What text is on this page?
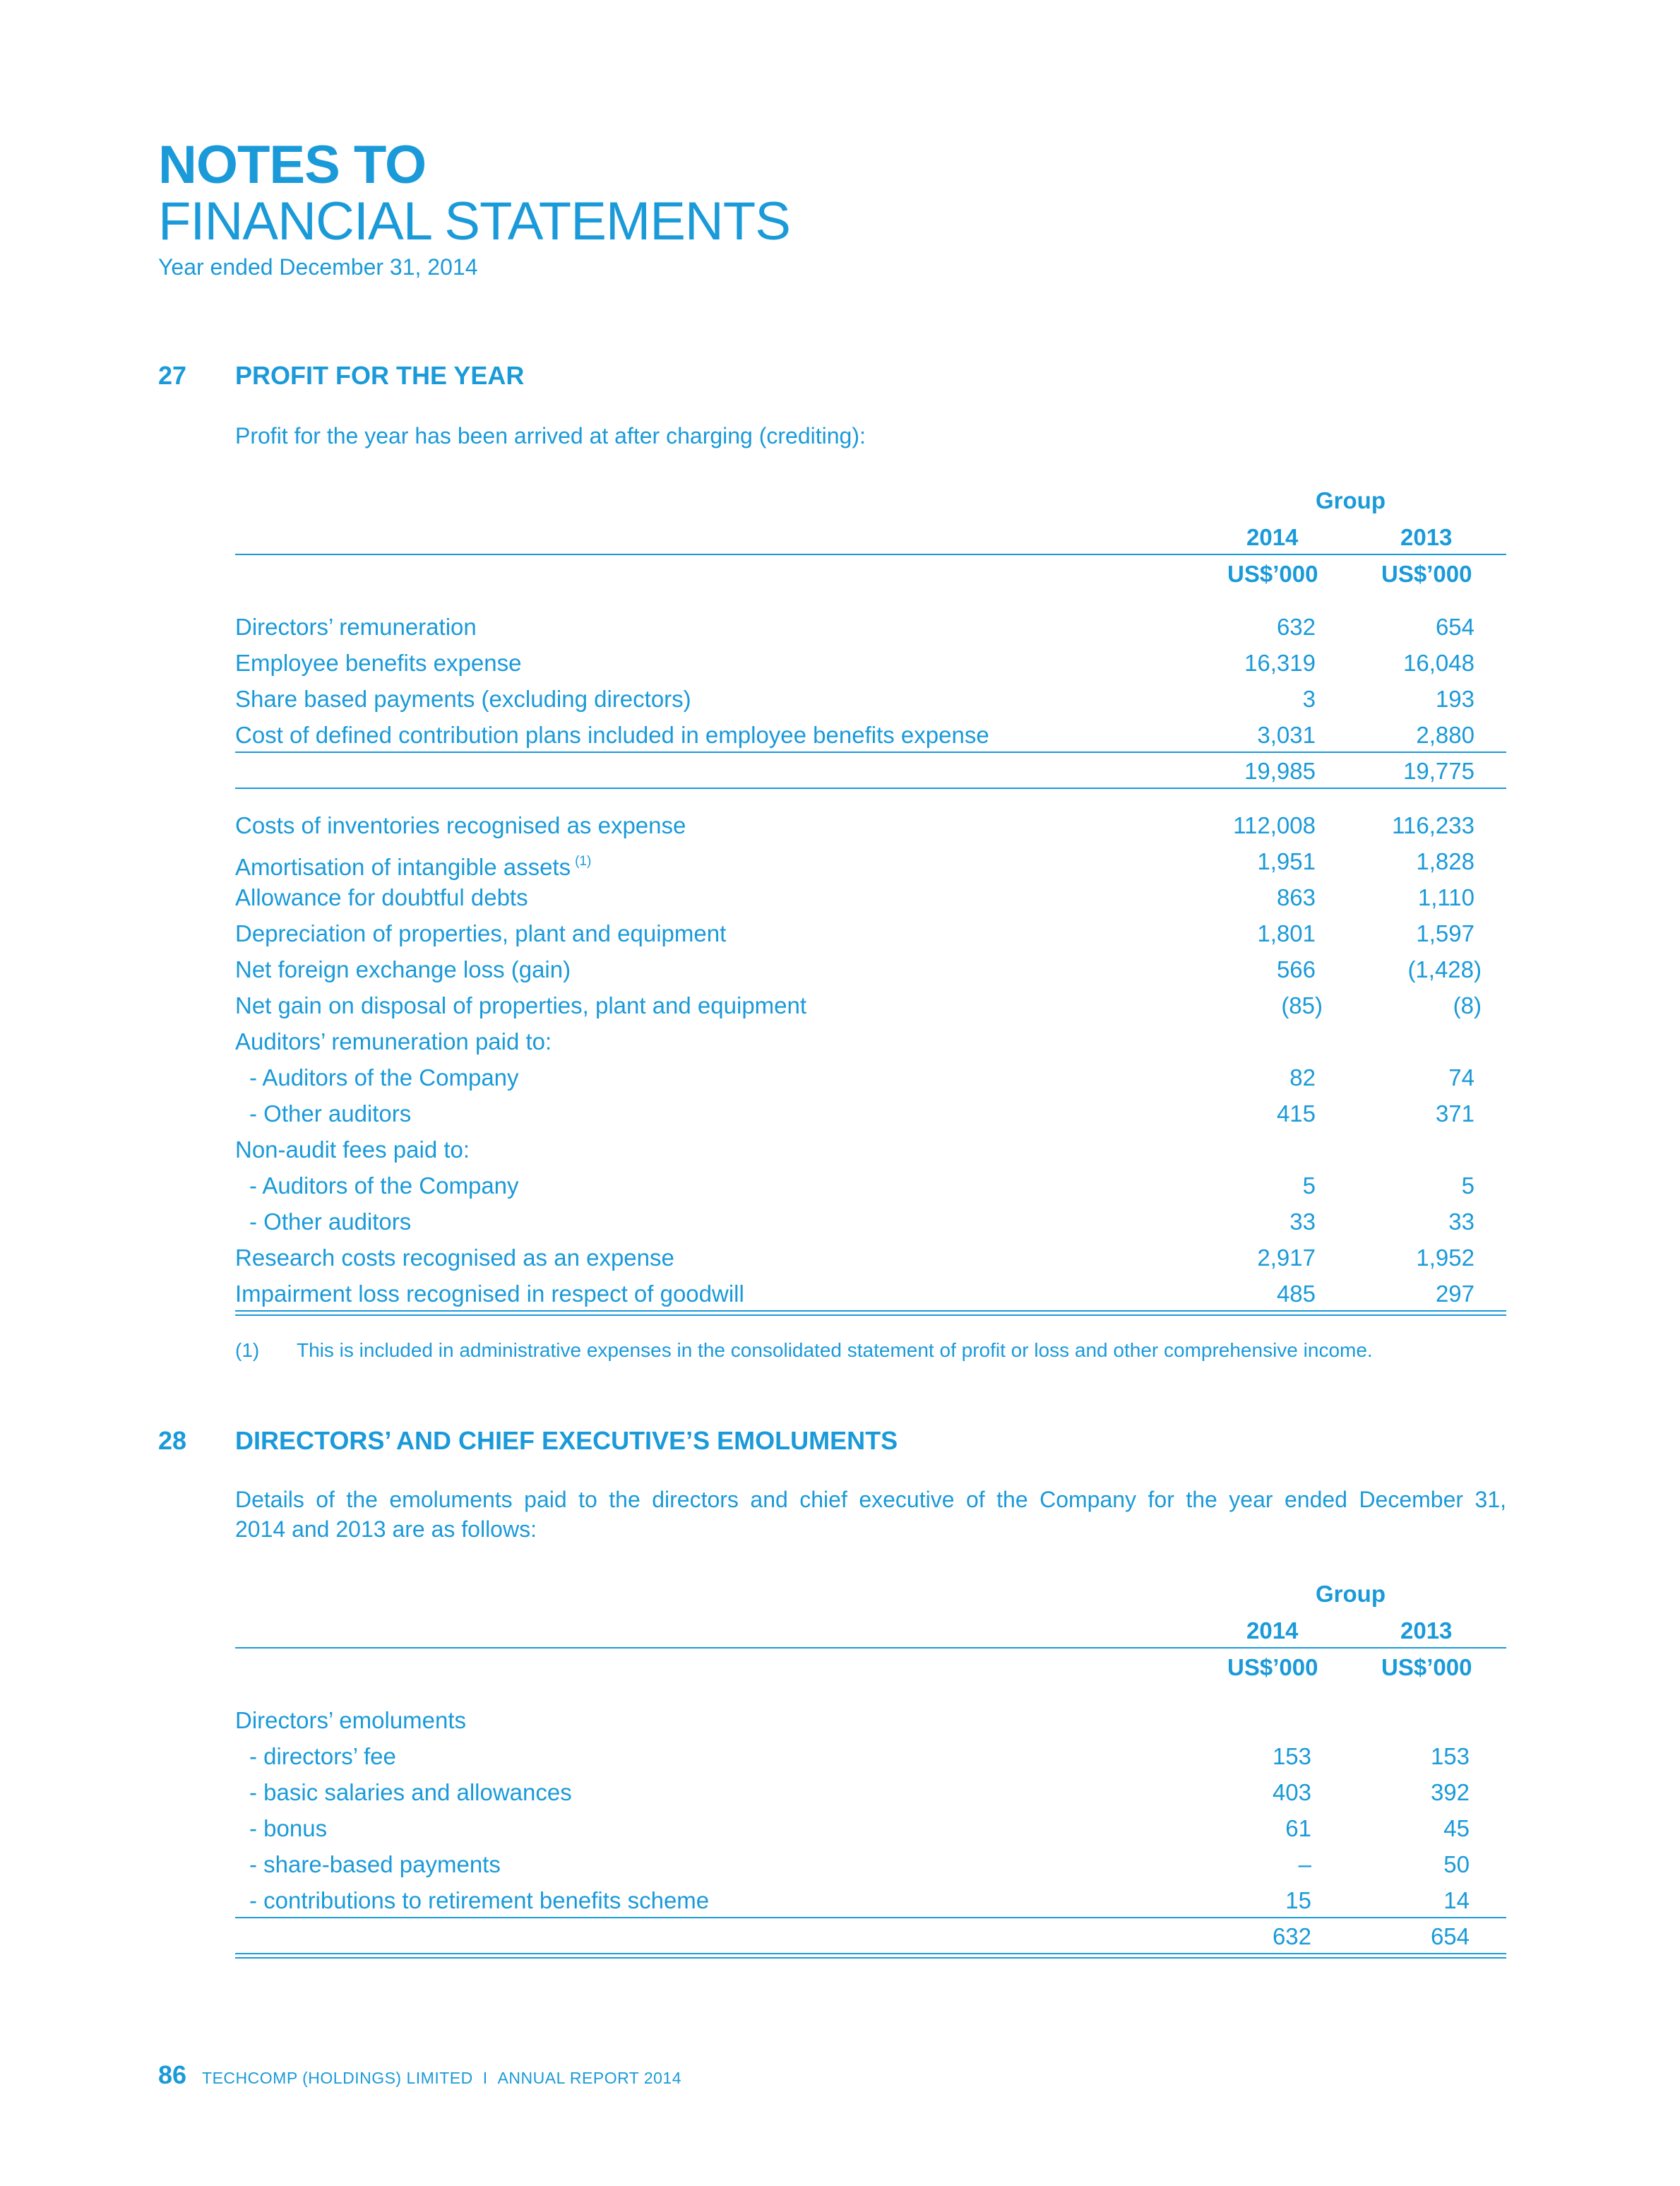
NOTES TO
FINANCIAL STATEMENTS
Year ended December 31, 2014
27 PROFIT FOR THE YEAR
Profit for the year has been arrived at after charging (crediting):
Group
2014	2013
US$’000	US$’000
Directors’ remuneration	632	654
Employee benefits expense	16,319	16,048
Share based payments (excluding directors)	3	193
Cost of defined contribution plans included in employee benefits expense	3,031	2,880
19,985	19,775
Costs of inventories recognised as expense	112,008	116,233
Amortisation of intangible assets $^{(1)}$	1,951	1,828
Allowance for doubtful debts	863	1,110
Depreciation of properties, plant and equipment	1,801	1,597
Net foreign exchange loss (gain)	566	(1,428)
Net gain on disposal of properties, plant and equipment	(85)	(8)
Auditors’ remuneration paid to:
- Auditors of the Company	82	74
- Other auditors	415	371
Non-audit fees paid to:
- Auditors of the Company	5	5
- Other auditors	33	33
Research costs recognised as an expense	2,917	1,952
Impairment loss recognised in respect of goodwill	485	297
(1) This is included in administrative expenses in the consolidated statement of profit or loss and other comprehensive income.
28 DIRECTORS’ AND CHIEF EXECUTIVE’S EMOLUMENTS
Details of the emoluments paid to the directors and chief executive of the Company for the year ended December 31,
2014 and 2013 are as follows:
Group
2014	2013
US$’000	US$’000
Directors’ emoluments
- directors’ fee	153	153
- basic salaries and allowances	403	392
- bonus	61	45
- share-based payments	–	50
- contributions to retirement benefits scheme	15	14
632	654
86 TECHCOMP (HOLDINGS) LIMITED I ANNUAL REPORT 2014
